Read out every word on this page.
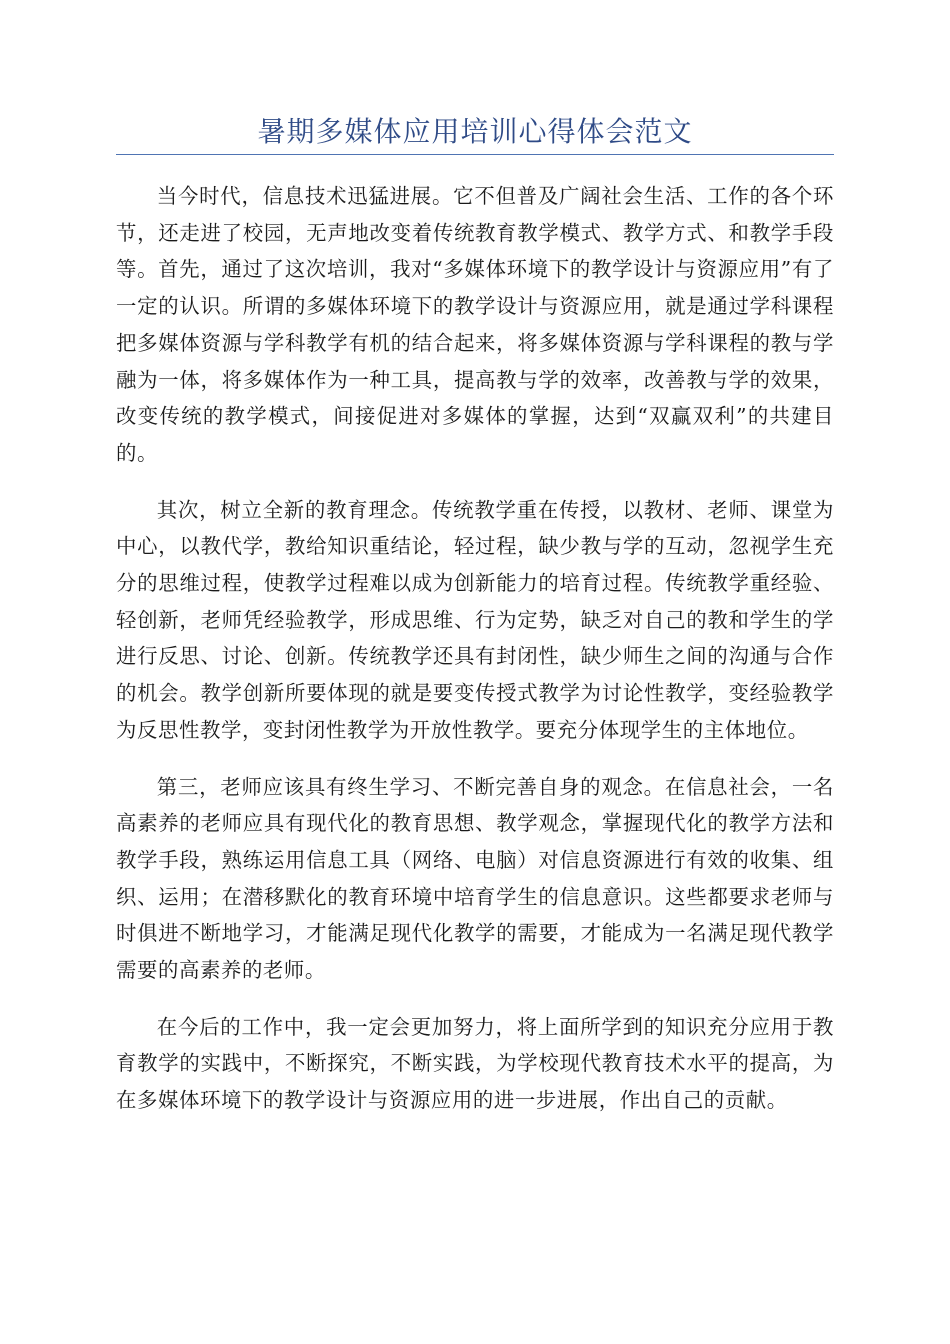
暑期多媒体应用培训心得体会范文

当今时代，信息技术迅猛进展。它不但普及广阔社会生活、工作的各个环节，还走进了校园，无声地改变着传统教育教学模式、教学方式、和教学手段等。首先，通过了这次培训，我对“多媒体环境下的教学设计与资源应用”有了一定的认识。所谓的多媒体环境下的教学设计与资源应用，就是通过学科课程把多媒体资源与学科教学有机的结合起来，将多媒体资源与学科课程的教与学融为一体，将多媒体作为一种工具，提高教与学的效率，改善教与学的效果，改变传统的教学模式，间接促进对多媒体的掌握，达到“双赢双利”的共建目的。

其次，树立全新的教育理念。传统教学重在传授，以教材、老师、课堂为中心，以教代学，教给知识重结论，轻过程，缺少教与学的互动，忽视学生充分的思维过程，使教学过程难以成为创新能力的培育过程。传统教学重经验、轻创新，老师凭经验教学，形成思维、行为定势，缺乏对自己的教和学生的学进行反思、讨论、创新。传统教学还具有封闭性，缺少师生之间的沟通与合作的机会。教学创新所要体现的就是要变传授式教学为讨论性教学，变经验教学为反思性教学，变封闭性教学为开放性教学。要充分体现学生的主体地位。

第三，老师应该具有终生学习、不断完善自身的观念。在信息社会，一名高素养的老师应具有现代化的教育思想、教学观念，掌握现代化的教学方法和教学手段，熟练运用信息工具（网络、电脑）对信息资源进行有效的收集、组织、运用；在潜移默化的教育环境中培育学生的信息意识。这些都要求老师与时俱进不断地学习，才能满足现代化教学的需要，才能成为一名满足现代教学需要的高素养的老师。

在今后的工作中，我一定会更加努力，将上面所学到的知识充分应用于教育教学的实践中，不断探究，不断实践，为学校现代教育技术水平的提高，为在多媒体环境下的教学设计与资源应用的进一步进展，作出自己的贡献。
